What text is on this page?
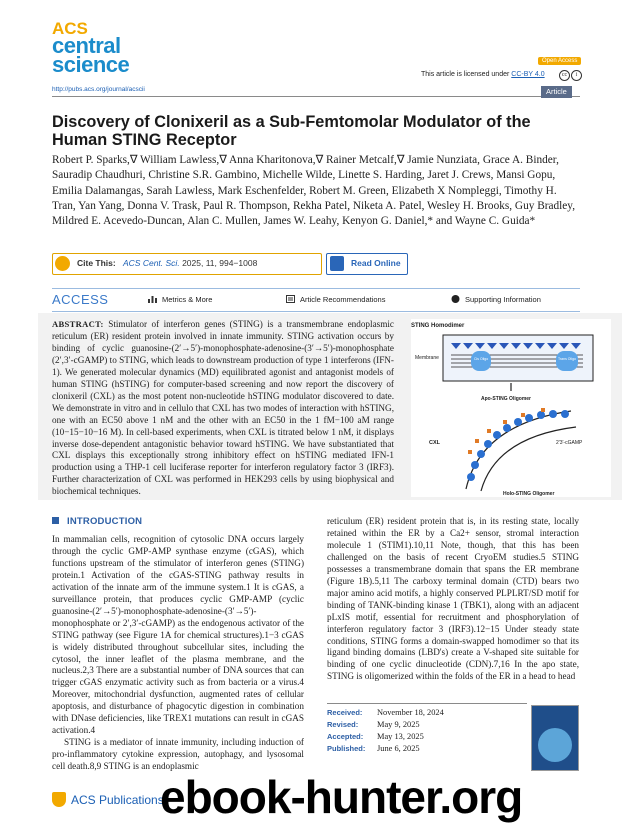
ACS
central
science	Open Access
This article is licensed under CC-BY 4.0	cc i
http://pubs.acs.org/journal/acscii	Article
Discovery of Clonixeril as a Sub-Femtomolar Modulator of the Human STING Receptor

Robert P. Sparks,∇ William Lawless,∇ Anna Kharitonova,∇ Rainer Metcalf,∇ Jamie Nunziata, Grace A. Binder, Sauradip Chaudhuri, Christine S.R. Gambino, Michelle Wilde, Linette S. Harding, Jaret J. Crews, Mansi Gopu, Emilia Dalamangas, Sarah Lawless, Mark Eschenfelder, Robert M. Green, Elizabeth X Nompleggi, Timothy H. Tran, Yan Yang, Donna V. Trask, Paul R. Thompson, Rekha Patel, Niketa A. Patel, Wesley H. Brooks, Guy Bradley, Mildred E. Acevedo-Duncan, Alan C. Mullen, James W. Leahy, Kenyon G. Daniel,* and Wayne C. Guida*

Cite This: ACS Cent. Sci. 2025, 11, 994−1008	Read Online
ACCESS	Metrics & More	Article Recommendations	Supporting Information

ABSTRACT: Stimulator of interferon genes (STING) is a transmembrane endoplasmic reticulum (ER) resident protein involved in innate immunity. STING activation occurs by binding of cyclic guanosine-(2′→5′)-monophosphate-adenosine-(3′→5′)-monophosphate (2′,3′-cGAMP) to STING, which leads to downstream production of type 1 interferons (IFN-1). We generated molecular dynamics (MD) equilibrated agonist and antagonist models of human STING (hSTING) for computer-based screening and now report the discovery of clonixeril (CXL) as the most potent non-nucleotide hSTING modulator discovered to date. We demonstrate in vitro and in cellulo that CXL has two modes of interaction with hSTING, one with an EC50 above 1 nM and the other with an EC50 in the 1 fM−100 aM range (10−15−10−16 M). In cell-based experiments, when CXL is titrated below 1 nM, it displays inverse dose-dependent antagonistic behavior toward hSTING. We have substantiated that CXL displays this exceptionally strong inhibitory effect on hSTING mediated IFN-1 production using a THP-1 cell luciferase reporter for interferon regulatory factor 3 (IRF3). Further characterization of CXL was performed in HEK293 cells by using biophysical and biochemical techniques.

STING Homodimer
Cis Oligo	Trans Oligo
Membrane
Apo-STING Oligomer
CXL	2′3′-cGAMP
Holo-STING Oligomer
INTRODUCTION

In mammalian cells, recognition of cytosolic DNA occurs largely through the cyclic GMP-AMP synthase enzyme (cGAS), which functions upstream of the stimulator of interferon genes (STING) protein.1 Activation of the cGAS-STING pathway results in activation of the innate arm of the immune system.1 It is cGAS, a surveillance protein, that produces cyclic GMP-AMP (cyclic guanosine-(2′→5′)-monophosphate-adenosine-(3′→5′)-monophosphate or 2′,3′-cGAMP) as the endogenous activator of the STING pathway (see Figure 1A for chemical structures).1−3 cGAS is widely distributed throughout subcellular sites, including the cytosol, the inner leaflet of the plasma membrane, and the nucleus.2,3 There are a substantial number of DNA sources that can trigger cGAS enzymatic activity such as from bacteria or a virus.4 Moreover, mitochondrial dysfunction, augmented rates of cellular apoptosis, and disturbance of phagocytic digestion in combination with DNase deficiencies, like TREX1 mutations can result in cGAS activation.4

STING is a mediator of innate immunity, including induction of pro-inflammatory cytokine expression, autophagy, and lysosomal cell death.8,9 STING is an endoplasmic

reticulum (ER) resident protein that is, in its resting state, locally retained within the ER by a Ca2+ sensor, stromal interaction molecule 1 (STIM1).10,11 Note, though, that this has been challenged on the basis of recent CryoEM studies.5 STING possesses a transmembrane domain that spans the ER membrane (Figure 1B).5,11 The carboxy terminal domain (CTD) bears two major amino acid motifs, a highly conserved PLPLRT/SD motif for binding of TANK-binding kinase 1 (TBK1), along with an adjacent pLxIS motif, essential for recruitment and phosphorylation of interferon regulatory factor 3 (IRF3).12−15 Under steady state conditions, STING forms a domain-swapped homodimer so that its ligand binding domains (LBD's) create a V-shaped site suitable for binding of one cyclic dinucleotide (CDN).7,16 In the apo state, STING is oligomerized within the folds of the ER in a head to head

Received: November 18, 2024
Revised: May 9, 2025
Accepted: May 13, 2025
Published: June 6, 2025
ACS Publications
ebook-hunter.org
